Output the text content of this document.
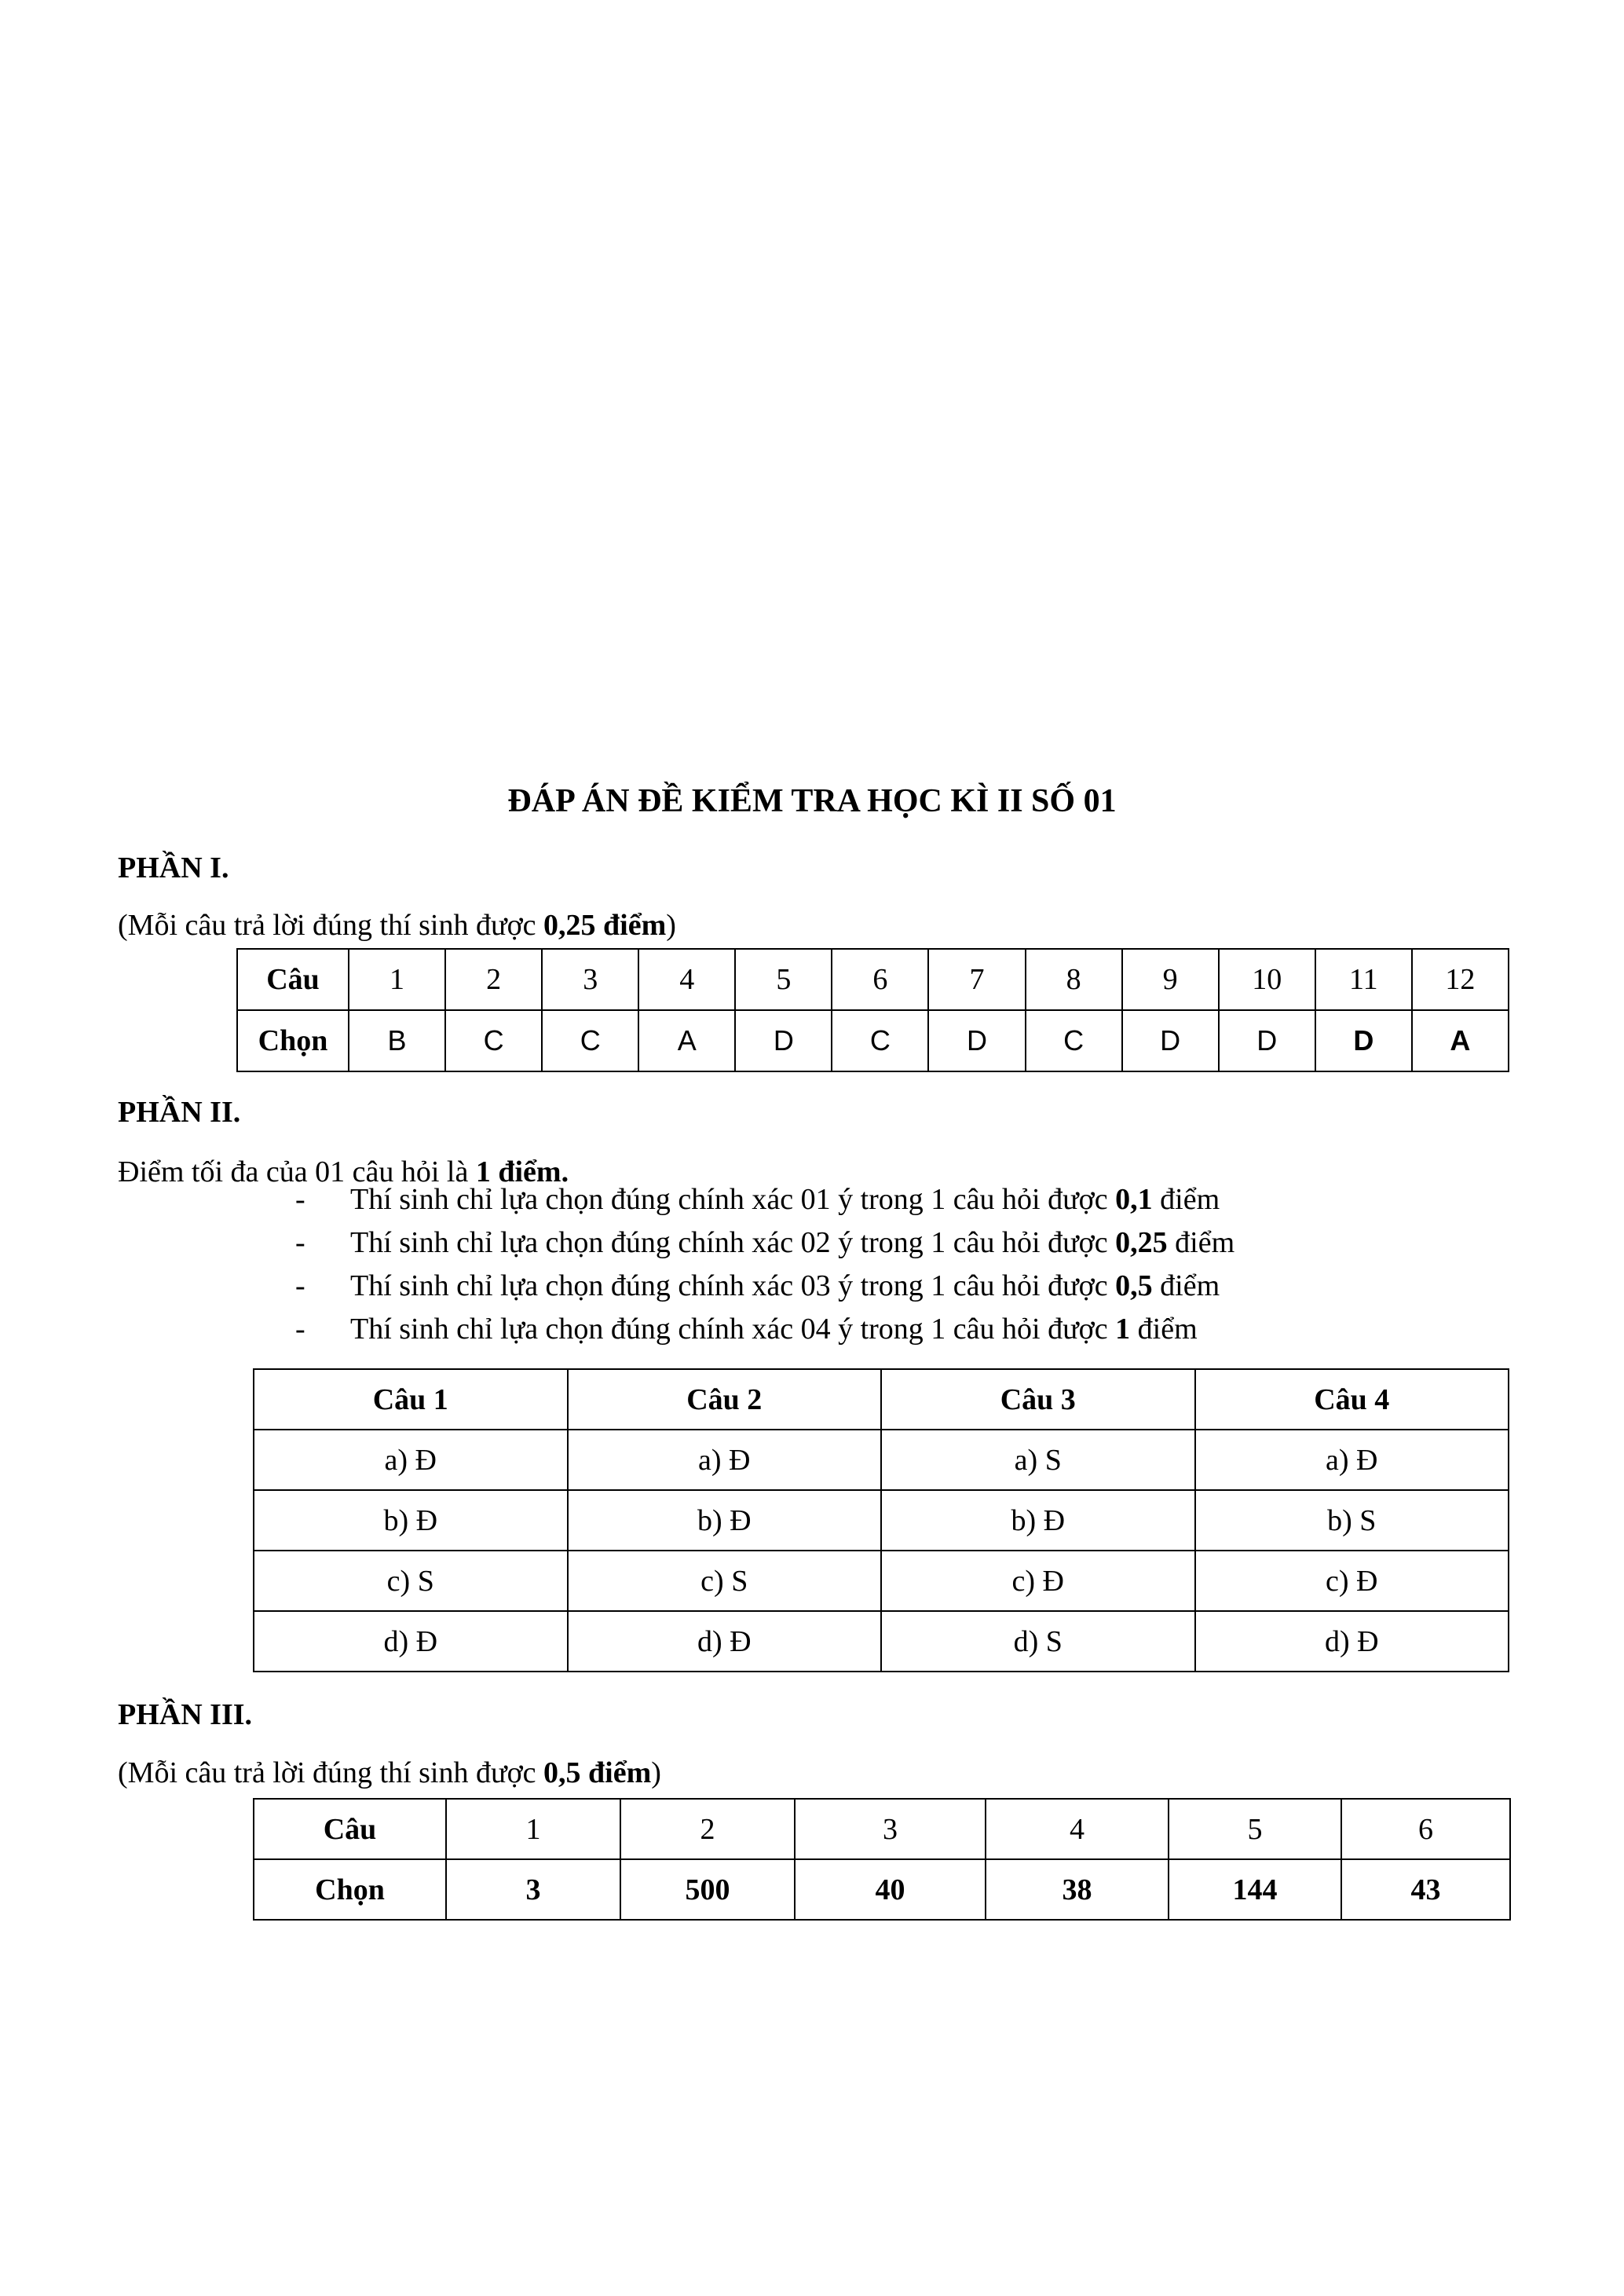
ĐÁP ÁN ĐỀ KIỂM TRA HỌC KÌ II SỐ 01
PHẦN I.
(Mỗi câu trả lời đúng thí sinh được 0,25 điểm)
Câu	1	2	3	4	5	6	7	8	9	10	11	12
Chọn	B	C	C	A	D	C	D	C	D	D	D	A
PHẦN II.
Điểm tối đa của 01 câu hỏi là 1 điểm.
- Thí sinh chỉ lựa chọn đúng chính xác 01 ý trong 1 câu hỏi được 0,1 điểm
- Thí sinh chỉ lựa chọn đúng chính xác 02 ý trong 1 câu hỏi được 0,25 điểm
- Thí sinh chỉ lựa chọn đúng chính xác 03 ý trong 1 câu hỏi được 0,5 điểm
- Thí sinh chỉ lựa chọn đúng chính xác 04 ý trong 1 câu hỏi được 1 điểm
Câu 1	Câu 2	Câu 3	Câu 4
a) Đ	a) Đ	a) S	a) Đ
b) Đ	b) Đ	b) Đ	b) S
c) S	c) S	c) Đ	c) Đ
d) Đ	d) Đ	d) S	d) Đ
PHẦN III.
(Mỗi câu trả lời đúng thí sinh được 0,5 điểm)
Câu	1	2	3	4	5	6
Chọn	3	500	40	38	144	43
